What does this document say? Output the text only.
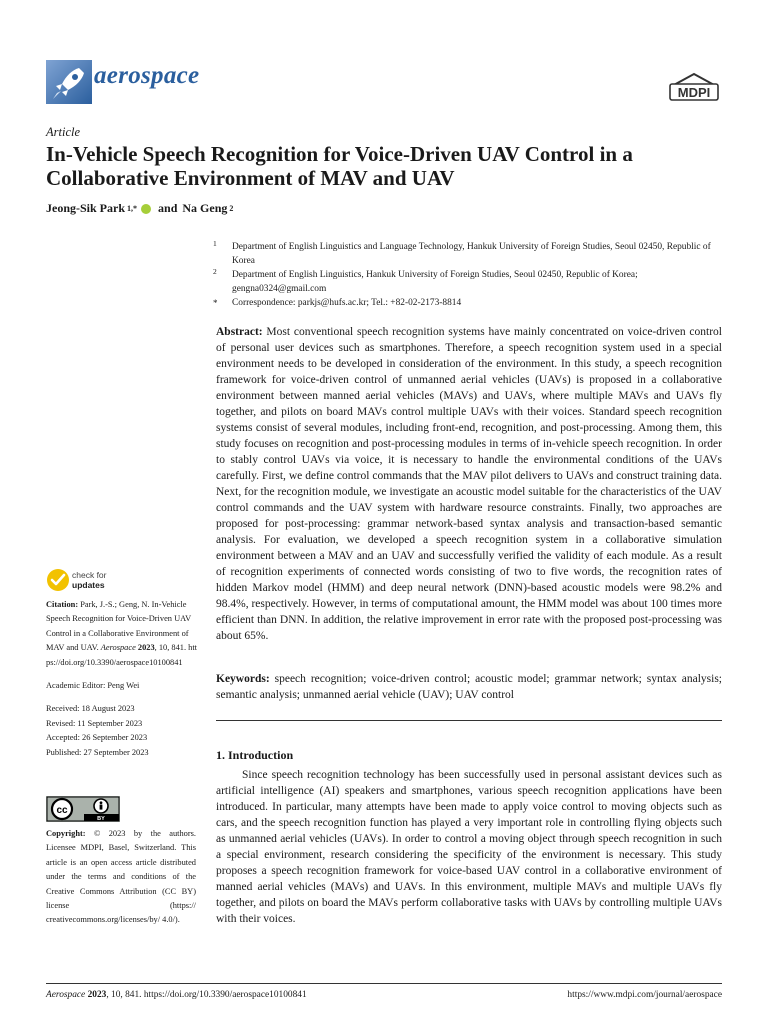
aerospace
MDPI
Article
In-Vehicle Speech Recognition for Voice-Driven UAV Control in a Collaborative Environment of MAV and UAV
Jeong-Sik Park 1,* and Na Geng 2
1 Department of English Linguistics and Language Technology, Hankuk University of Foreign Studies, Seoul 02450, Republic of Korea
2 Department of English Linguistics, Hankuk University of Foreign Studies, Seoul 02450, Republic of Korea; gengna0324@gmail.com
* Correspondence: parkjs@hufs.ac.kr; Tel.: +82-02-2173-8814
Abstract: Most conventional speech recognition systems have mainly concentrated on voice-driven control of personal user devices such as smartphones. Therefore, a speech recognition system used in a special environment needs to be developed in consideration of the environment. In this study, a speech recognition framework for voice-driven control of unmanned aerial vehicles (UAVs) is proposed in a collaborative environment between manned aerial vehicles (MAVs) and UAVs, where multiple MAVs and UAVs fly together, and pilots on board MAVs control multiple UAVs with their voices. Standard speech recognition systems consist of several modules, including front-end, recognition, and post-processing. Among them, this study focuses on recognition and post-processing modules in terms of in-vehicle speech recognition. In order to stably control UAVs via voice, it is necessary to handle the environmental conditions of the UAVs carefully. First, we define control commands that the MAV pilot delivers to UAVs and construct training data. Next, for the recognition module, we investigate an acoustic model suitable for the characteristics of the UAV control commands and the UAV system with hardware resource constraints. Finally, two approaches are proposed for post-processing: grammar network-based syntax analysis and transaction-based semantic analysis. For evaluation, we developed a speech recognition system in a collaborative simulation environment between a MAV and an UAV and successfully verified the validity of each module. As a result of recognition experiments of connected words consisting of two to five words, the recognition rates of hidden Markov model (HMM) and deep neural network (DNN)-based acoustic models were 98.2% and 98.4%, respectively. However, in terms of computational amount, the HMM model was about 100 times more efficient than DNN. In addition, the relative improvement in error rate with the proposed post-processing was about 65%.
Keywords: speech recognition; voice-driven control; acoustic model; grammar network; syntax analysis; semantic analysis; unmanned aerial vehicle (UAV); UAV control
check for
updates
Citation: Park, J.-S.; Geng, N. In-Vehicle Speech Recognition for Voice-Driven UAV Control in a Collaborative Environment of MAV and UAV. Aerospace 2023, 10, 841. https://doi.org/10.3390/aerospace10100841
Academic Editor: Peng Wei
Received: 18 August 2023
Revised: 11 September 2023
Accepted: 26 September 2023
Published: 27 September 2023
cc
BY
Copyright: © 2023 by the authors. Licensee MDPI, Basel, Switzerland. This article is an open access article distributed under the terms and conditions of the Creative Commons Attribution (CC BY) license (https:// creativecommons.org/licenses/by/ 4.0/).
1. Introduction
Since speech recognition technology has been successfully used in personal assistant devices such as artificial intelligence (AI) speakers and smartphones, various speech recognition applications have been introduced. In particular, many attempts have been made to apply voice control to moving objects such as cars, and the speech recognition function has played a very important role in controlling flying objects such as unmanned aerial vehicles (UAVs). In order to control a moving object through speech recognition in such a special environment, research considering the specificity of the environment is necessary. This study proposes a speech recognition framework for voice-based UAV control in a collaborative environment of manned aerial vehicles (MAVs) and UAVs. In this environment, multiple MAVs and multiple UAVs fly together, and pilots on board the MAVs perform collaborative tasks with UAVs by controlling multiple UAVs with their voices.
Aerospace 2023, 10, 841. https://doi.org/10.3390/aerospace10100841	https://www.mdpi.com/journal/aerospace
